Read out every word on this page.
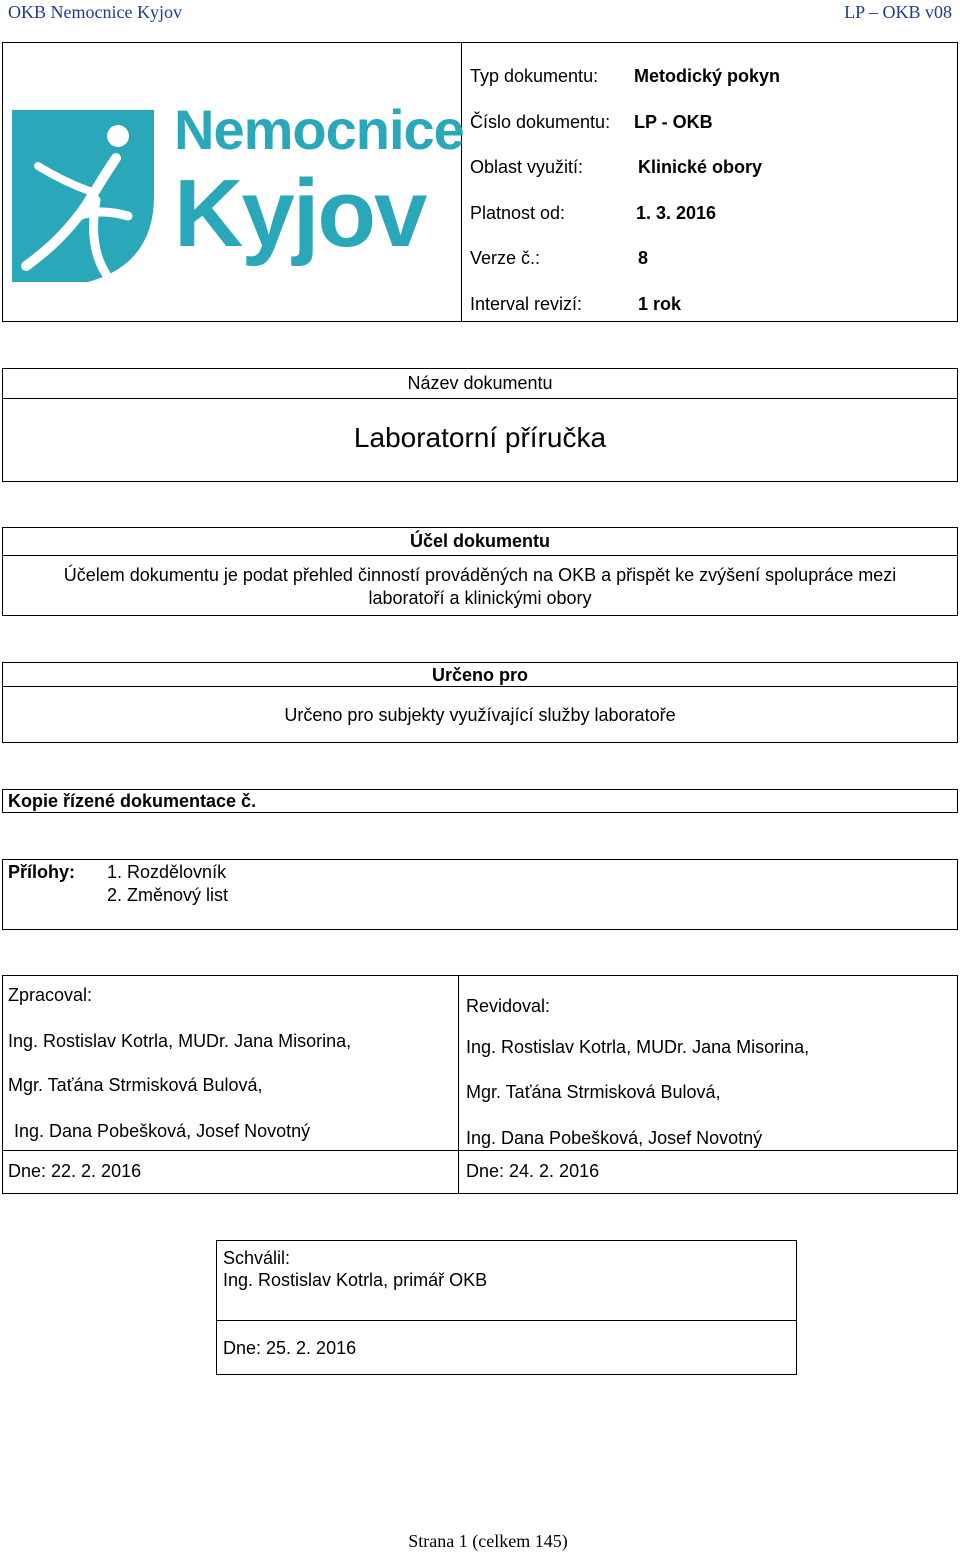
OKB Nemocnice Kyjov	LP – OKB v08
Nemocnice
Kyjov
Typ dokumentu: Metodický pokyn
Číslo dokumentu: LP - OKB
Oblast využití:	Klinické obory
Platnost od:	1. 3. 2016
Verze č.:	8
Interval revizí:	1 rok
Název dokumentu
Laboratorní příručka
Účel dokumentu
Účelem dokumentu je podat přehled činností prováděných na OKB a přispět ke zvýšení spolupráce mezi
laboratoří a klinickými obory
Určeno pro
Určeno pro subjekty využívající služby laboratoře
Kopie řízené dokumentace č.
Přílohy: 1. Rozdělovník
2. Změnový list
Zpracoval:
Ing. Rostislav Kotrla, MUDr. Jana Misorina,
Mgr. Taťána Strmisková Bulová,
Ing. Dana Pobešková, Josef Novotný
Dne: 22. 2. 2016
Revidoval:
Ing. Rostislav Kotrla, MUDr. Jana Misorina,
Mgr. Taťána Strmisková Bulová,
Ing. Dana Pobešková, Josef Novotný
Dne: 24. 2. 2016
Schválil:
Ing. Rostislav Kotrla, primář OKB
Dne: 25. 2. 2016
Strana 1 (celkem 145)
